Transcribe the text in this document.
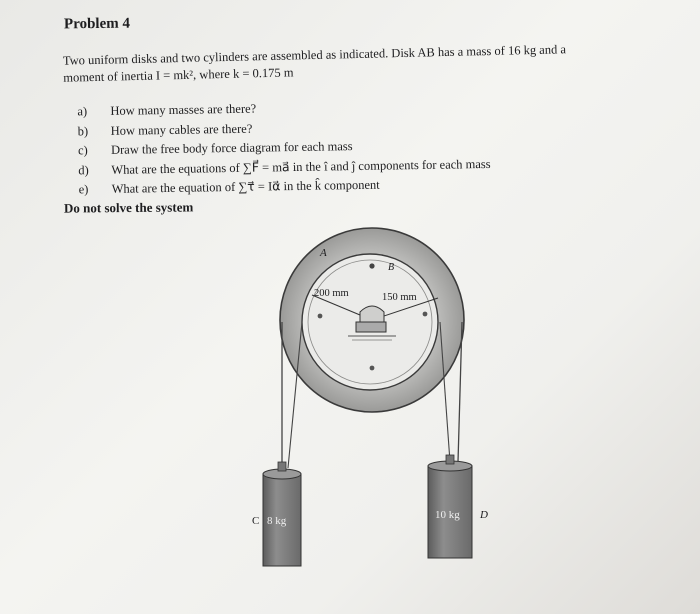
Problem 4
Two uniform disks and two cylinders are assembled as indicated. Disk AB has a mass of 16 kg and a
moment of inertia I = mk², where k = 0.175 m
a)	How many masses are there?
b)	How many cables are there?
c)	Draw the free body force diagram for each mass
d)	What are the equations of ∑F⃗ = ma⃗ in the î and ĵ components for each mass
e)	What are the equation of ∑τ⃗ = Iα⃗ in the k̂ component
Do not solve the system
A
B
200 mm	150 mm
C 8 kg	10 kg D
